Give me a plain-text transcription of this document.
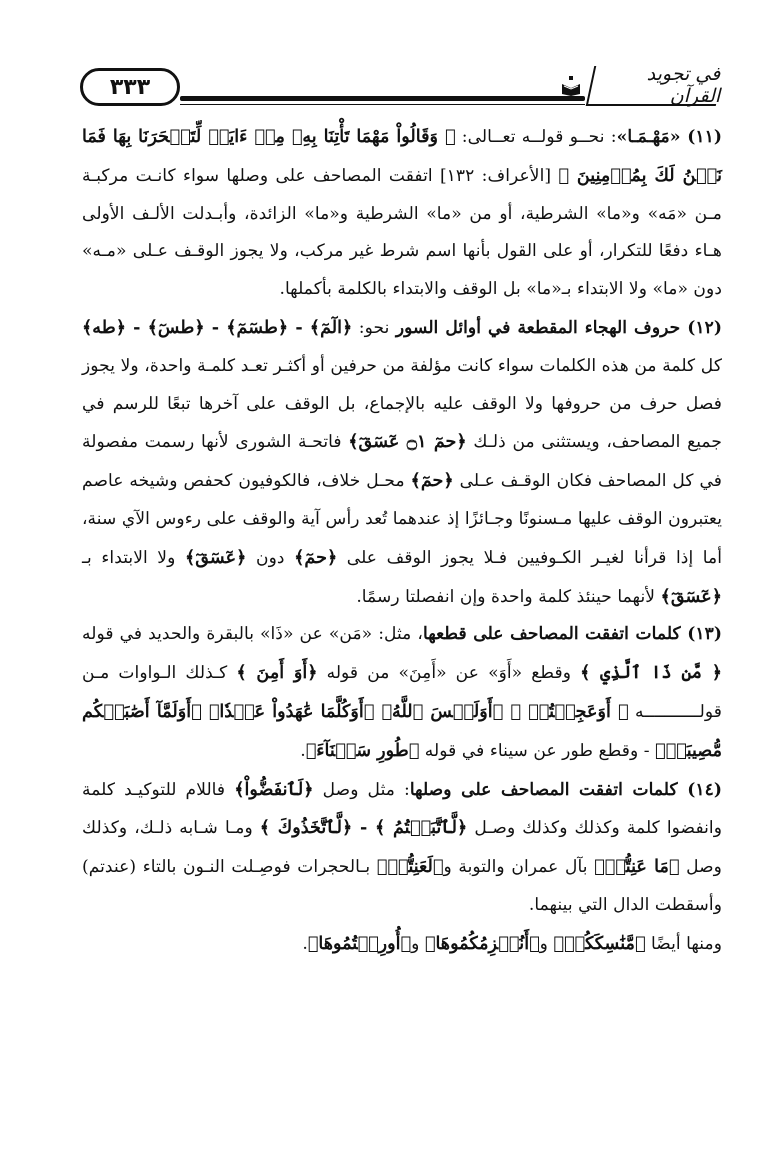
٣٣٣
في تجويد القرآن

(١١) «مَهْـمَـا»: نحــو قولــه تعــالى: ﴿ وَقَالُواْ مَهْمَا تَأْتِنَا بِهِۦ مِنۡ ءَايَةٖ لِّتَسۡحَرَنَا بِهَا فَمَا نَحۡنُ لَكَ بِمُؤۡمِنِينَ ﴾ [الأعراف: ١٣٢] اتفقت المصاحف على وصلها سواء كانـت مركبـة مـن «مَه» و«ما» الشرطية، أو من «ما» الشرطية و«ما» الزائدة، وأبـدلت الألـف الأولى هـاء دفعًا للتكرار، أو على القول بأنها اسم شرط غير مركب، ولا يجوز الوقـف عـلى «مـه» دون «ما» ولا الابتداء بـ«ما» بل الوقف والابتداء بالكلمة بأكملها.

(١٢) حروف الهجاء المقطعة في أوائل السور نحو: ﴿الٓمٓ﴾ - ﴿طسٓمٓ﴾ - ﴿طسٓ﴾ - ﴿طه﴾ كل كلمة من هذه الكلمات سواء كانت مؤلفة من حرفين أو أكثـر تعـد كلمـة واحدة، ولا يجوز فصل حرف من حروفها ولا الوقف عليه بالإجماع، بل الوقف على آخرها تبعًا للرسم في جميع المصاحف، ويستثنى من ذلـك ﴿حمٓ ۝١ عٓسٓقٓ﴾ فاتحـة الشورى لأنها رسمت مفصولة في كل المصاحف فكان الوقـف عـلى ﴿حمٓ﴾ محـل خلاف، فالكوفيون كحفص وشيخه عاصم يعتبرون الوقف عليها مـسنونًا وجـائزًا إذ عندهما تُعد رأس آية والوقف على رءوس الآي سنة، أما إذا قرأنا لغيـر الكـوفيين فـلا يجوز الوقف على ﴿حمٓ﴾ دون ﴿عٓسٓقٓ﴾ ولا الابتداء بـ ﴿عٓسٓقٓ﴾ لأنهما حينئذ كلمة واحدة وإن انفصلتا رسمًا.

(١٣) كلمات اتفقت المصاحف على قطعها، مثل: «مَن» عن «ذَا» بالبقرة والحديد في قوله ﴿ مَّن ذَا ٱلَّذِي ﴾ وقطع «أَوَ» عن «أَمِنَ» من قوله ﴿أَوَ أَمِنَ ﴾ كـذلك الـواوات مـن قولـــــــــــه ﴿ أَوَعَجِبۡتُمۡ ﴾ ﴿أَوَلَيۡسَ ٱللَّهُ﴾ ﴿أَوَكُلَّمَا عَٰهَدُواْ عَهۡدٗا﴾ ﴿أَوَلَمَّآ أَصَٰبَتۡكُم مُّصِيبَةٞ﴾ - وقطع طور عن سيناء في قوله ﴿طُورِ سَيۡنَآءَ﴾.

(١٤) كلمات اتفقت المصاحف على وصلها: مثل وصل ﴿لَٱنفَضُّواْ﴾ فاللام للتوكيـد كلمة وانفضوا كلمة وكذلك وكذلك وصـل ﴿لَّٱتَّبَعۡتُمُ ﴾ - ﴿لَّٱتَّخَذُوكَ ﴾ ومـا شـابه ذلـك، وكذلك وصل ﴿مَا عَنِتُّمۡ﴾ بآل عمران والتوبة و﴿لَعَنِتُّمۡ﴾ بـالحجرات فوصِـلت النـون بالتاء (عندتم) وأسقطت الدال التي بينهما.

ومنها أيضًا ﴿مَّنَٰسِكَكُمۡ﴾ و﴿أَنُلۡزِمُكُمُوهَا﴾ و﴿أُورِثۡتُمُوهَا﴾.
